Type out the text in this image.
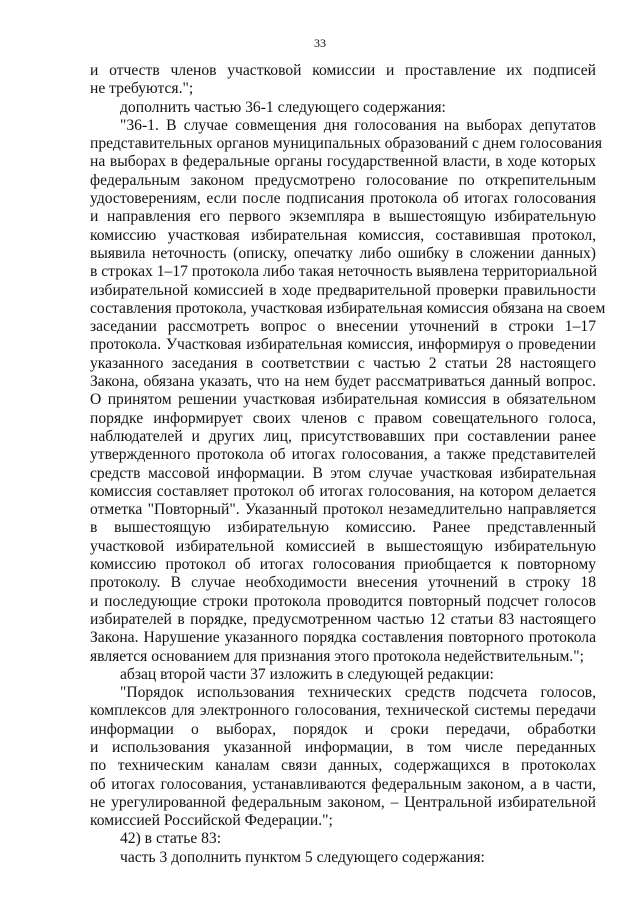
33
и отчеств членов участковой комиссии и проставление их подписей
не требуются.";
дополнить частью 36-1 следующего содержания:
"36-1. В случае совмещения дня голосования на выборах депутатов
представительных органов муниципальных образований с днем голосования
на выборах в федеральные органы государственной власти, в ходе которых
федеральным законом предусмотрено голосование по открепительным
удостоверениям, если после подписания протокола об итогах голосования
и направления его первого экземпляра в вышестоящую избирательную
комиссию участковая избирательная комиссия, составившая протокол,
выявила неточность (описку, опечатку либо ошибку в сложении данных)
в строках 1–17 протокола либо такая неточность выявлена территориальной
избирательной комиссией в ходе предварительной проверки правильности
составления протокола, участковая избирательная комиссия обязана на своем
заседании рассмотреть вопрос о внесении уточнений в строки 1–17
протокола. Участковая избирательная комиссия, информируя о проведении
указанного заседания в соответствии с частью 2 статьи 28 настоящего
Закона, обязана указать, что на нем будет рассматриваться данный вопрос.
О принятом решении участковая избирательная комиссия в обязательном
порядке информирует своих членов с правом совещательного голоса,
наблюдателей и других лиц, присутствовавших при составлении ранее
утвержденного протокола об итогах голосования, а также представителей
средств массовой информации. В этом случае участковая избирательная
комиссия составляет протокол об итогах голосования, на котором делается
отметка "Повторный". Указанный протокол незамедлительно направляется
в вышестоящую избирательную комиссию. Ранее представленный
участковой избирательной комиссией в вышестоящую избирательную
комиссию протокол об итогах голосования приобщается к повторному
протоколу. В случае необходимости внесения уточнений в строку 18
и последующие строки протокола проводится повторный подсчет голосов
избирателей в порядке, предусмотренном частью 12 статьи 83 настоящего
Закона. Нарушение указанного порядка составления повторного протокола
является основанием для признания этого протокола недействительным.";
абзац второй части 37 изложить в следующей редакции:
"Порядок использования технических средств подсчета голосов,
комплексов для электронного голосования, технической системы передачи
информации о выборах, порядок и сроки передачи, обработки
и использования указанной информации, в том числе переданных
по техническим каналам связи данных, содержащихся в протоколах
об итогах голосования, устанавливаются федеральным законом, а в части,
не урегулированной федеральным законом, – Центральной избирательной
комиссией Российской Федерации.";
42) в статье 83:
часть 3 дополнить пунктом 5 следующего содержания:
